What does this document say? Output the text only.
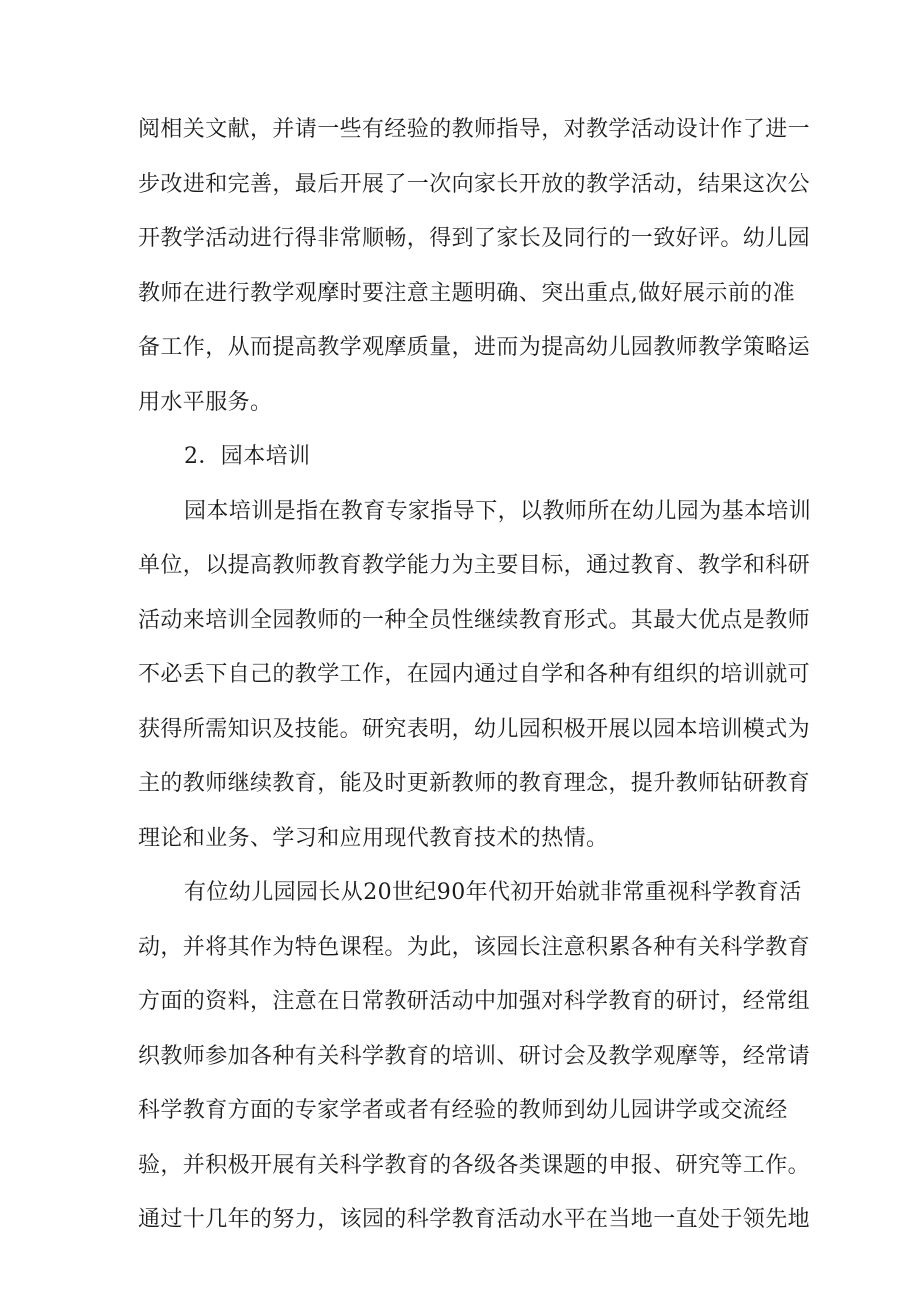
阅相关文献，并请一些有经验的教师指导，对教学活动设计作了进一
步改进和完善，最后开展了一次向家长开放的教学活动，结果这次公
开教学活动进行得非常顺畅，得到了家长及同行的一致好评。幼儿园
教师在进行教学观摩时要注意主题明确、突出重点,做好展示前的准
备工作，从而提高教学观摩质量，进而为提高幼儿园教师教学策略运
用水平服务。
2．园本培训
园本培训是指在教育专家指导下，以教师所在幼儿园为基本培训
单位，以提高教师教育教学能力为主要目标，通过教育、教学和科研
活动来培训全园教师的一种全员性继续教育形式。其最大优点是教师
不必丢下自己的教学工作，在园内通过自学和各种有组织的培训就可
获得所需知识及技能。研究表明，幼儿园积极开展以园本培训模式为
主的教师继续教育，能及时更新教师的教育理念，提升教师钻研教育
理论和业务、学习和应用现代教育技术的热情。
有位幼儿园园长从20世纪90年代初开始就非常重视科学教育活
动，并将其作为特色课程。为此，该园长注意积累各种有关科学教育
方面的资料，注意在日常教研活动中加强对科学教育的研讨，经常组
织教师参加各种有关科学教育的培训、研讨会及教学观摩等，经常请
科学教育方面的专家学者或者有经验的教师到幼儿园讲学或交流经
验，并积极开展有关科学教育的各级各类课题的申报、研究等工作。
通过十几年的努力，该园的科学教育活动水平在当地一直处于领先地
